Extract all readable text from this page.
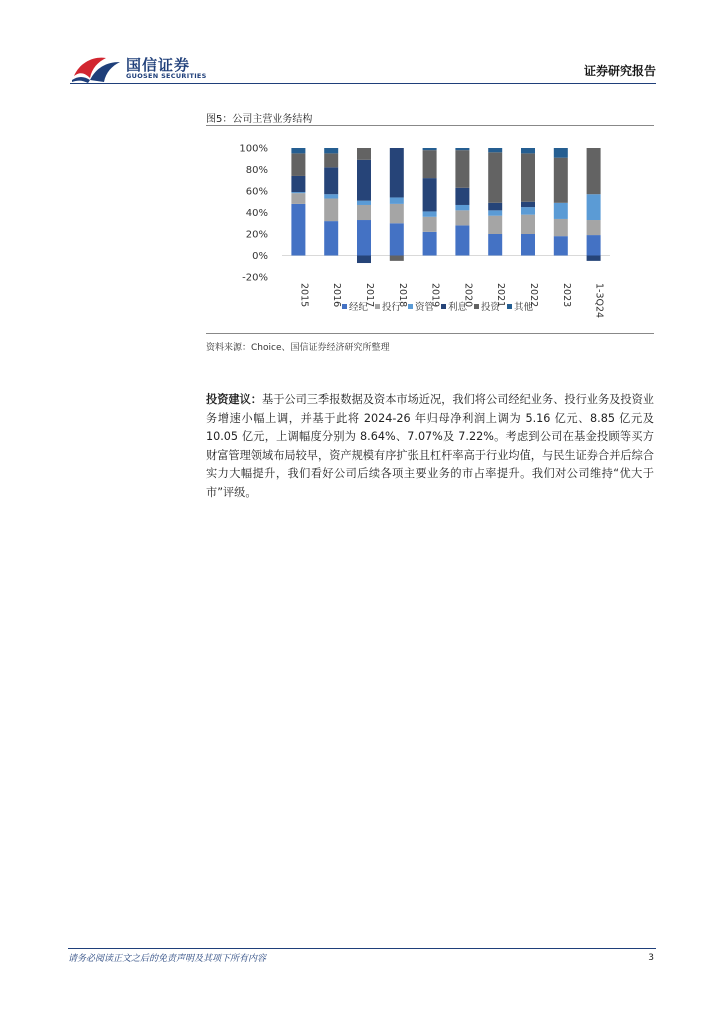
国信证券
GUOSEN SECURITIES	证券研究报告
图5：公司主营业务结构
100%
80%
60%
40%
20%
0%
-20%
2015 2016 2017 2018 2019 2020 2021 2022 2023 1-3Q24
经纪 投行 资管 利息 投资 其他
资料来源：Choice、国信证券经济研究所整理
投资建议：基于公司三季报数据及资本市场近况，我们将公司经纪业务、投行业务及投资业务增速小幅上调，并基于此将 2024-26 年归母净利润上调为 5.16 亿元、8.85 亿元及 10.05 亿元，上调幅度分别为 8.64%、7.07%及 7.22%。考虑到公司在基金投顾等买方财富管理领域布局较早，资产规模有序扩张且杠杆率高于行业均值，与民生证券合并后综合实力大幅提升，我们看好公司后续各项主要业务的市占率提升。我们对公司维持“优大于市”评级。
请务必阅读正文之后的免责声明及其项下所有内容	3
